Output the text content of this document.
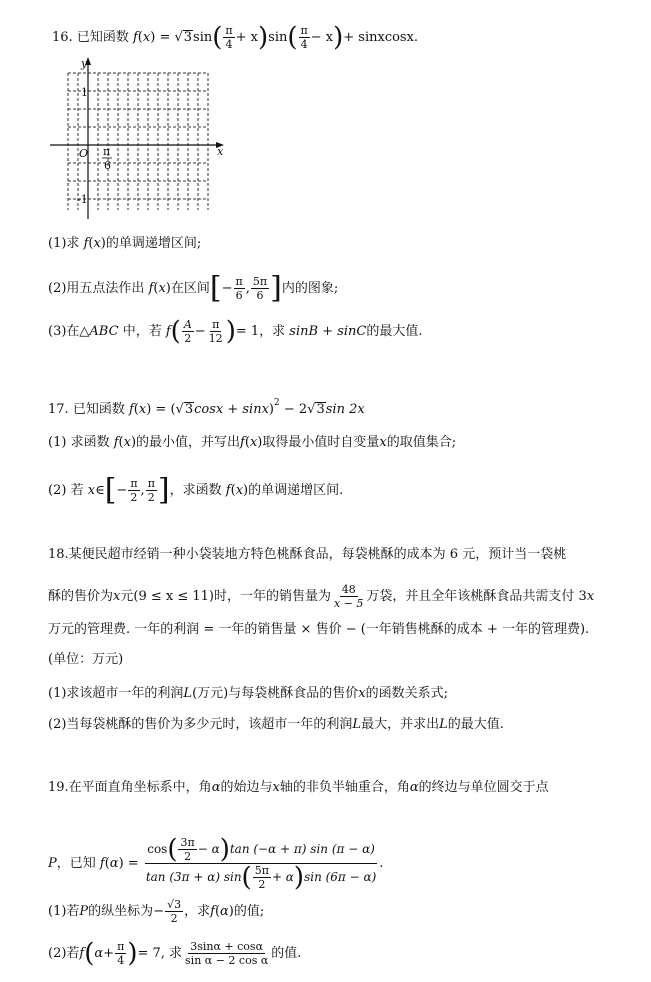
16. 已知函数 $f(x) = √3\sin( \frac{\pi}{4} + x)\sin( \frac{\pi}{4} - x)+$ sinxcosx.
y
x
O
1
-1
π
6
(1)求 f(x)的单调递增区间;
(2)用五点法作出 f(x)在区间[− $\frac{\pi}{6}$ , $\frac{5\pi}{6}$ ]内的图象;
(3)在△ABC 中，若 $f( \frac{A}{2} - \frac{\pi}{12}$ )= 1，求 sinB + sinC的最大值.
17. 已知函数 $f(x) = (√3\cos x + \sin x)^2 - 2√3\sin$ 2x
(1) 求函数 f(x)的最小值，并写出f(x)取得最小值时自变量x的取值集合;
(2) 若 x∈[− $\frac{\pi}{2}$ , $\frac{\pi}{2}$ ]，求函数 f(x)的单调递增区间.
18.某便民超市经销一种小袋装地方特色桃酥食品，每袋桃酥的成本为 6 元，预计当一袋桃
酥的售价为x元(9 ≤ x ≤ 11)时，一年的销售量为 $\frac{48}{x - 5}$ 万袋，并且全年该桃酥食品共需支付 3x
万元的管理费. 一年的利润 = 一年的销售量 × 售价 − (一年销售桃酥的成本 + 一年的管理费).
(单位：万元)
(1)求该超市一年的利润L(万元)与每袋桃酥食品的售价x的函数关系式;
(2)当每袋桃酥的售价为多少元时，该超市一年的利润L最大，并求出L的最大值.
19.在平面直角坐标系中，角α的始边与x轴的非负半轴重合，角α的终边与单位圆交于点
P，已知 $f(\alpha) = \frac{\cos( \frac{3\pi}{2} - \alpha)\tan (-\alpha + \pi) \sin (\pi - \alpha)}{\tan (3\pi + \alpha) \sin( \frac{5\pi}{2} + \alpha)\sin (6\pi - \alpha)}$ .
(1)若P的纵坐标为− $\frac{√3}{2}$ ，求f(α)的值;
(2)若$f(\alpha+ \frac{\pi}{4}$ )= 7, 求 $\frac{3\sin\alpha + \cos\alpha}{\text{sin α − 2 cos α}}$ 的值.
